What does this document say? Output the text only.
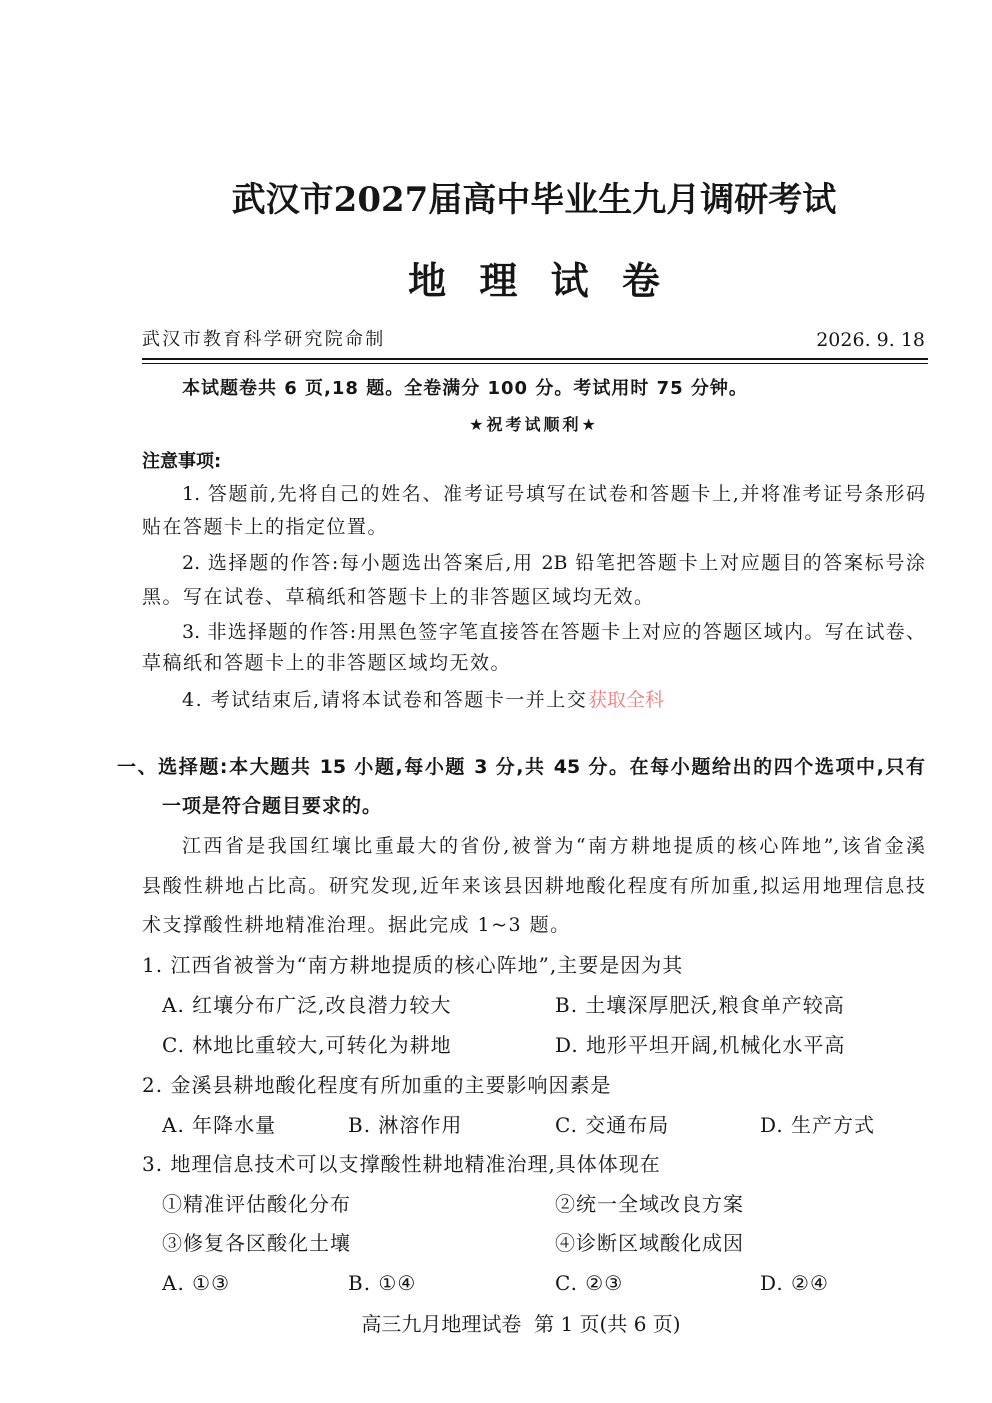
武汉市2027届高中毕业生九月调研考试
地 理 试 卷
武汉市教育科学研究院命制	2026. 9. 18
本试题卷共 6 页,18 题。全卷满分 100 分。考试用时 75 分钟。
★祝考试顺利★
注意事项:
1. 答题前,先将自己的姓名、准考证号填写在试卷和答题卡上,并将准考证号条形码
贴在答题卡上的指定位置。
2. 选择题的作答:每小题选出答案后,用 2B 铅笔把答题卡上对应题目的答案标号涂
黑。写在试卷、草稿纸和答题卡上的非答题区域均无效。
3. 非选择题的作答:用黑色签字笔直接答在答题卡上对应的答题区域内。写在试卷、
草稿纸和答题卡上的非答题区域均无效。
4. 考试结束后,请将本试卷和答题卡一并上交 获取全科
一、选择题:本大题共 15 小题,每小题 3 分,共 45 分。在每小题给出的四个选项中,只有
一项是符合题目要求的。
江西省是我国红壤比重最大的省份,被誉为“南方耕地提质的核心阵地”,该省金溪
县酸性耕地占比高。研究发现,近年来该县因耕地酸化程度有所加重,拟运用地理信息技
术支撑酸性耕地精准治理。据此完成 1~3 题。
1. 江西省被誉为“南方耕地提质的核心阵地”,主要是因为其
A. 红壤分布广泛,改良潜力较大	B. 土壤深厚肥沃,粮食单产较高
C. 林地比重较大,可转化为耕地	D. 地形平坦开阔,机械化水平高
2. 金溪县耕地酸化程度有所加重的主要影响因素是
A. 年降水量	B. 淋溶作用	C. 交通布局	D. 生产方式
3. 地理信息技术可以支撑酸性耕地精准治理,具体体现在
①精准评估酸化分布	②统一全域改良方案
③修复各区酸化土壤	④诊断区域酸化成因
A. ①③	B. ①④	C. ②③	D. ②④
高三九月地理试卷  第 1 页(共 6 页)
